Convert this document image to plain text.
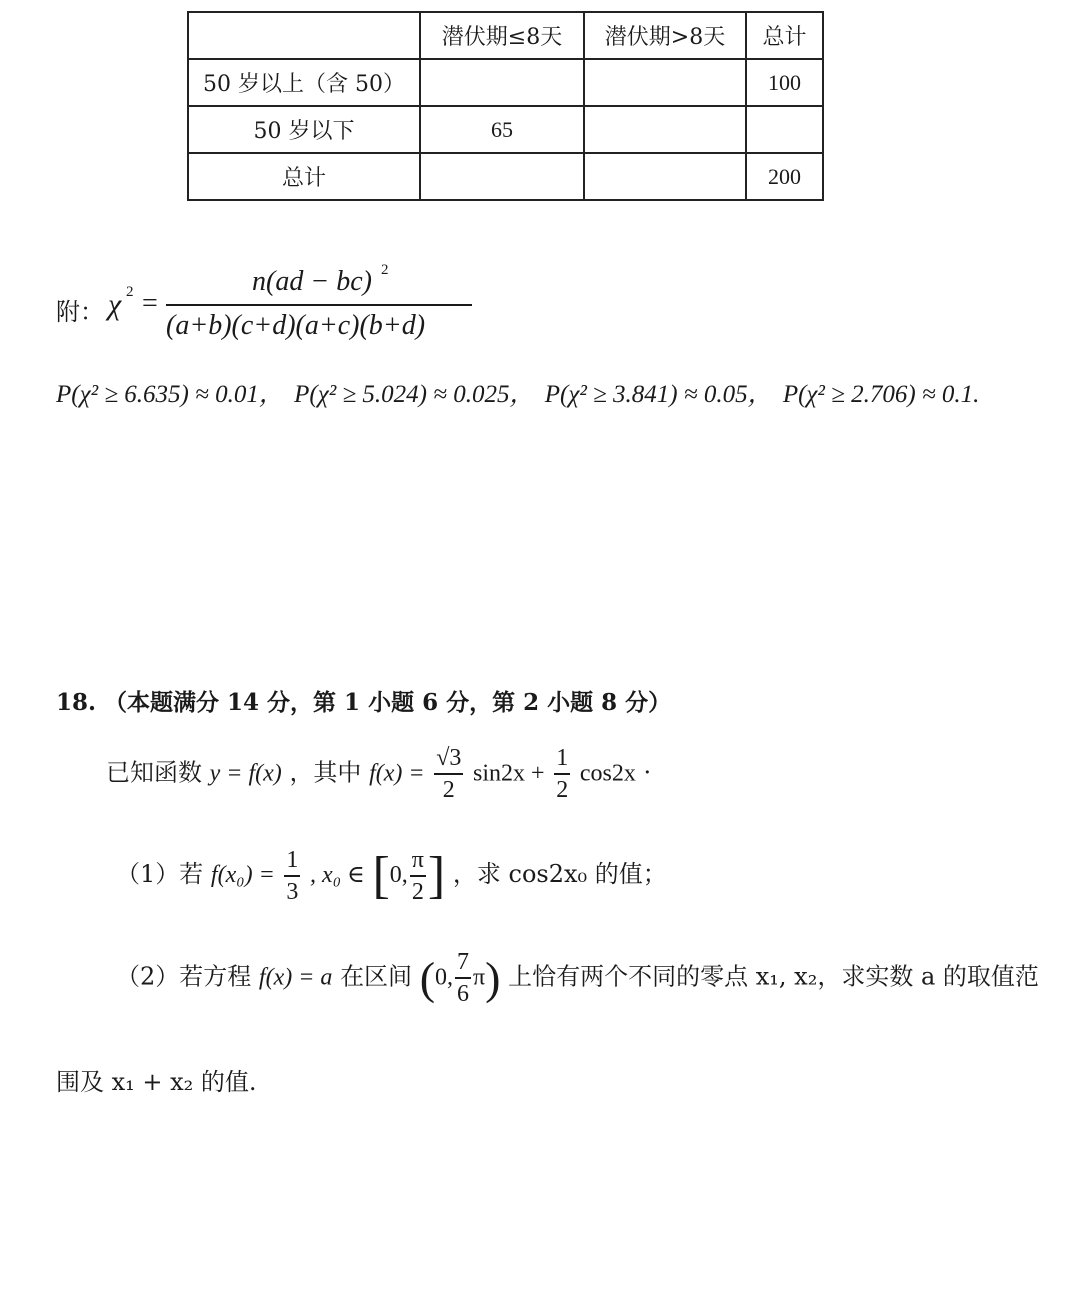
	潜伏期≤8天	潜伏期>8天	总计
50 岁以上（含 50）			100
50 岁以下	65		
总计			200
附： χ 2 =
n(ad − bc) 2
(a+b)(c+d)(a+c)(b+d)
P(χ² ≥ 6.635) ≈ 0.01， P(χ² ≥ 5.024) ≈ 0.025， P(χ² ≥ 3.841) ≈ 0.05， P(χ² ≥ 2.706) ≈ 0.1.
18. （本题满分 14 分，第 1 小题 6 分，第 2 小题 8 分）
已知函数 y = f(x) ，其中 $f(x) = \frac{√3}{2} \sin 2x + \frac{1}{2} \cos 2x$ ·
（1）若 $f(x_0) = \frac{1}{3}$ , x₀ ∈ [0, $\frac{\pi}{2}$ ] ，求 cos2x₀ 的值；
（2）若方程 f(x) = a 在区间 (0, $\frac{7}{6} \pi$) 上恰有两个不同的零点 x₁, x₂，求实数 a 的取值范
围及 x₁ + x₂ 的值.
